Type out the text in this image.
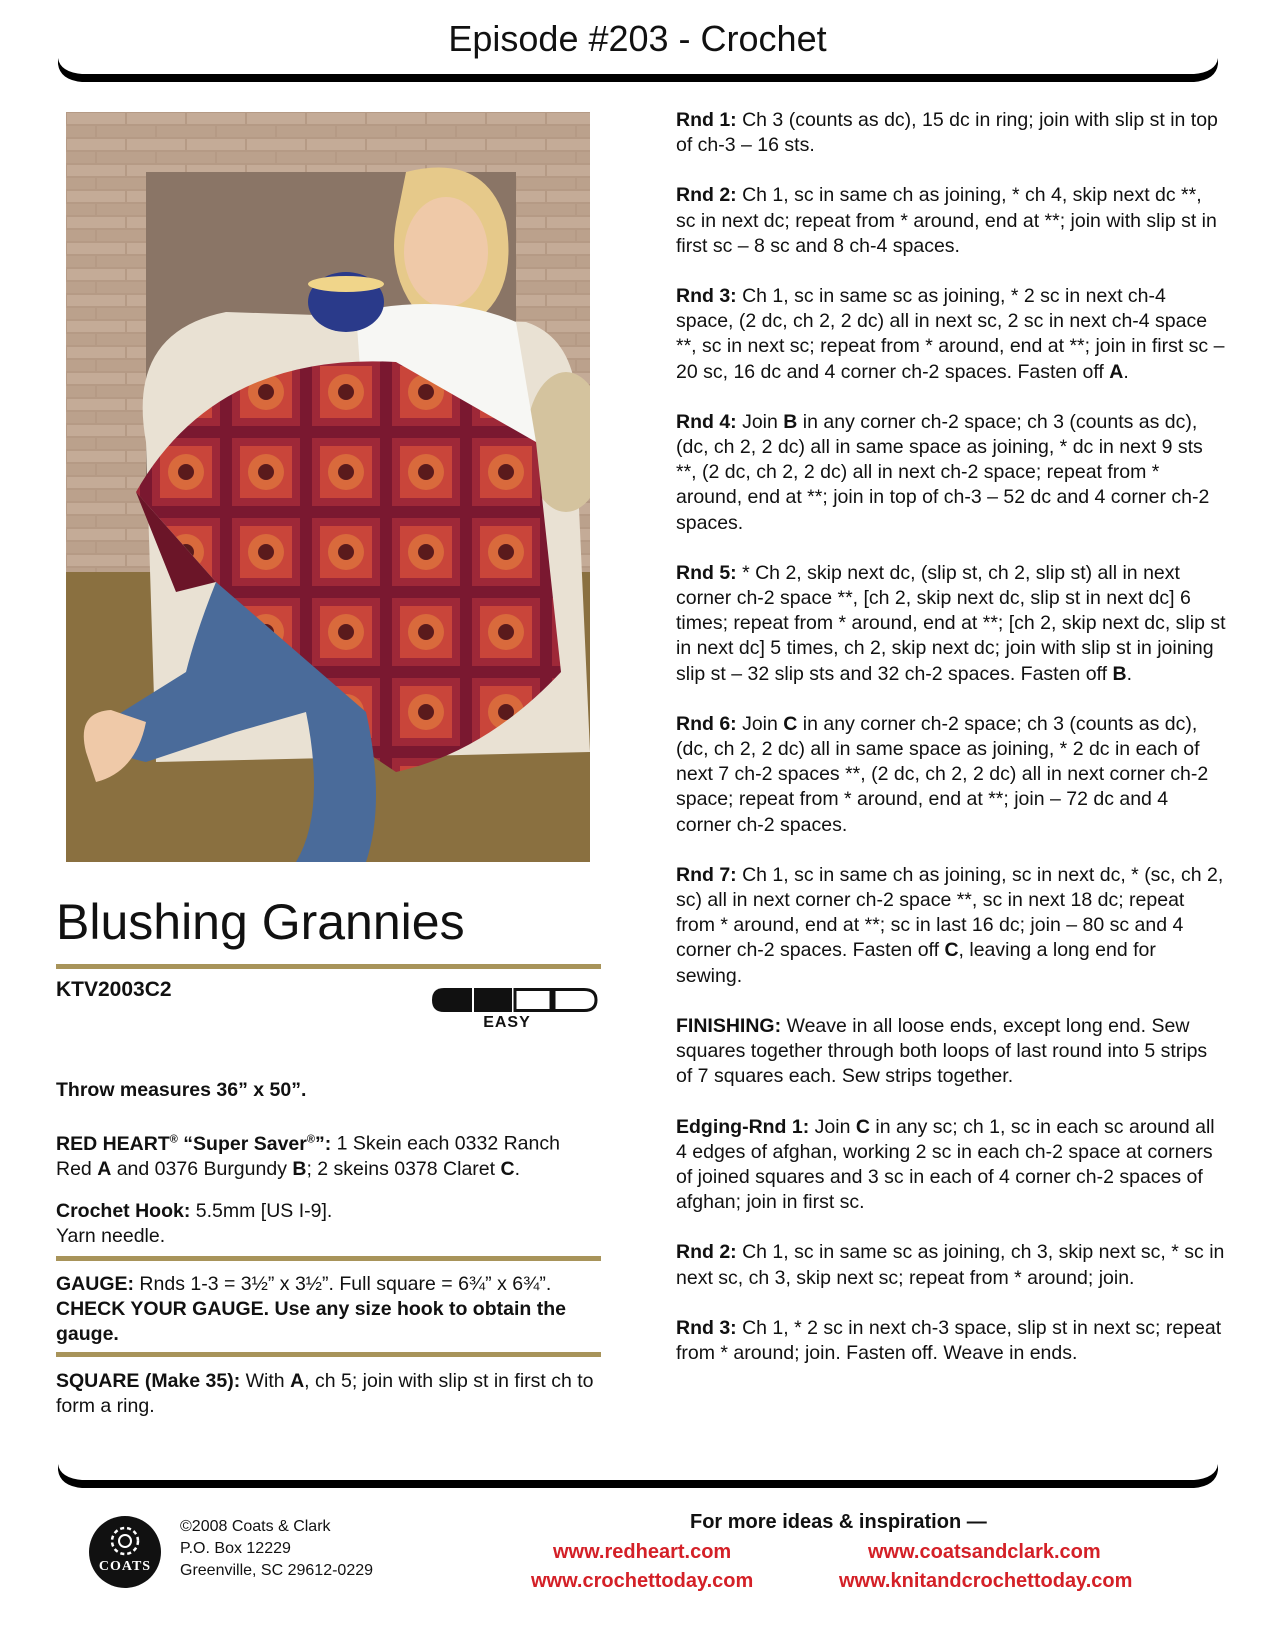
Episode #203 - Crochet
Blushing Grannies
KTV2003C2
EASY

Throw measures 36” x 50”.

RED HEART® “Super Saver®”: 1 Skein each 0332 Ranch Red A and 0376 Burgundy B; 2 skeins 0378 Claret C.

Crochet Hook: 5.5mm [US I-9].

Yarn needle.

GAUGE: Rnds 1-3 = 3½” x 3½”. Full square = 6¾” x 6¾”.

CHECK YOUR GAUGE. Use any size hook to obtain the gauge.

SQUARE (Make 35): With A, ch 5; join with slip st in first ch to form a ring.

Rnd 1: Ch 3 (counts as dc), 15 dc in ring; join with slip st in top of ch-3 – 16 sts.

Rnd 2: Ch 1, sc in same ch as joining, * ch 4, skip next dc **, sc in next dc; repeat from * around, end at **; join with slip st in first sc – 8 sc and 8 ch-4 spaces.

Rnd 3: Ch 1, sc in same sc as joining, * 2 sc in next ch-4 space, (2 dc, ch 2, 2 dc) all in next sc, 2 sc in next ch-4 space **, sc in next sc; repeat from * around, end at **; join in first sc – 20 sc, 16 dc and 4 corner ch-2 spaces. Fasten off A.

Rnd 4: Join B in any corner ch-2 space; ch 3 (counts as dc), (dc, ch 2, 2 dc) all in same space as joining, * dc in next 9 sts **, (2 dc, ch 2, 2 dc) all in next ch-2 space; repeat from * around, end at **; join in top of ch-3 – 52 dc and 4 corner ch-2 spaces.

Rnd 5: * Ch 2, skip next dc, (slip st, ch 2, slip st) all in next corner ch-2 space **, [ch 2, skip next dc, slip st in next dc] 6 times; repeat from * around, end at **; [ch 2, skip next dc, slip st in next dc] 5 times, ch 2, skip next dc; join with slip st in joining slip st – 32 slip sts and 32 ch-2 spaces. Fasten off B.

Rnd 6: Join C in any corner ch-2 space; ch 3 (counts as dc), (dc, ch 2, 2 dc) all in same space as joining, * 2 dc in each of next 7 ch-2 spaces **, (2 dc, ch 2, 2 dc) all in next corner ch-2 space; repeat from * around, end at **; join – 72 dc and 4 corner ch-2 spaces.

Rnd 7: Ch 1, sc in same ch as joining, sc in next dc, * (sc, ch 2, sc) all in next corner ch-2 space **, sc in next 18 dc; repeat from * around, end at **; sc in last 16 dc; join – 80 sc and 4 corner ch-2 spaces. Fasten off C, leaving a long end for sewing.

FINISHING: Weave in all loose ends, except long end. Sew squares together through both loops of last round into 5 strips of 7 squares each. Sew strips together.

Edging-Rnd 1: Join C in any sc; ch 1, sc in each sc around all 4 edges of afghan, working 2 sc in each ch-2 space at corners of joined squares and 3 sc in each of 4 corner ch-2 spaces of afghan; join in first sc.

Rnd 2: Ch 1, sc in same sc as joining, ch 3, skip next sc, * sc in next sc, ch 3, skip next sc; repeat from * around; join.

Rnd 3: Ch 1, * 2 sc in next ch-3 space, slip st in next sc; repeat from * around; join. Fasten off. Weave in ends.

COATS
©2008 Coats & Clark
P.O. Box 12229
Greenville, SC 29612-0229
For more ideas & inspiration —
www.redheart.com	www.coatsandclark.com
www.crochettoday.com	www.knitandcrochettoday.com
